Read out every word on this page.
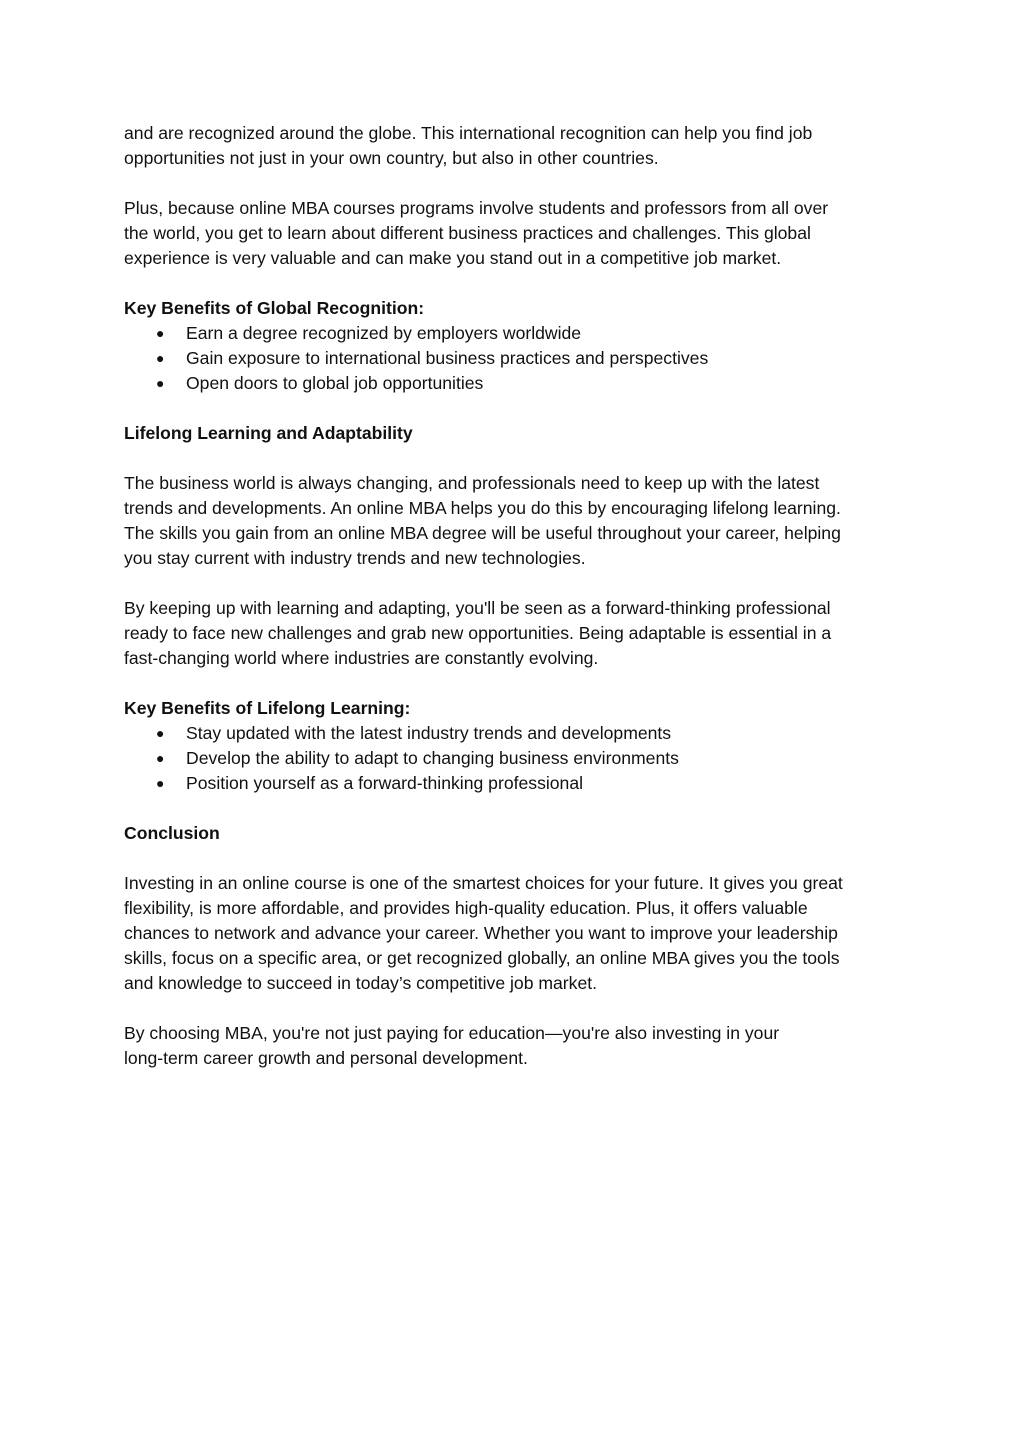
and are recognized around the globe. This international recognition can help you find job
opportunities not just in your own country, but also in other countries.

Plus, because online MBA courses programs involve students and professors from all over
the world, you get to learn about different business practices and challenges. This global
experience is very valuable and can make you stand out in a competitive job market.

Key Benefits of Global Recognition:
● Earn a degree recognized by employers worldwide
● Gain exposure to international business practices and perspectives
● Open doors to global job opportunities
Lifelong Learning and Adaptability

The business world is always changing, and professionals need to keep up with the latest
trends and developments. An online MBA helps you do this by encouraging lifelong learning.
The skills you gain from an online MBA degree will be useful throughout your career, helping
you stay current with industry trends and new technologies.

By keeping up with learning and adapting, you'll be seen as a forward-thinking professional
ready to face new challenges and grab new opportunities. Being adaptable is essential in a
fast-changing world where industries are constantly evolving.

Key Benefits of Lifelong Learning:
● Stay updated with the latest industry trends and developments
● Develop the ability to adapt to changing business environments
● Position yourself as a forward-thinking professional
Conclusion

Investing in an online course is one of the smartest choices for your future. It gives you great
flexibility, is more affordable, and provides high-quality education. Plus, it offers valuable
chances to network and advance your career. Whether you want to improve your leadership
skills, focus on a specific area, or get recognized globally, an online MBA gives you the tools
and knowledge to succeed in today’s competitive job market.

By choosing MBA, you're not just paying for education—you're also investing in your
long-term career growth and personal development.
